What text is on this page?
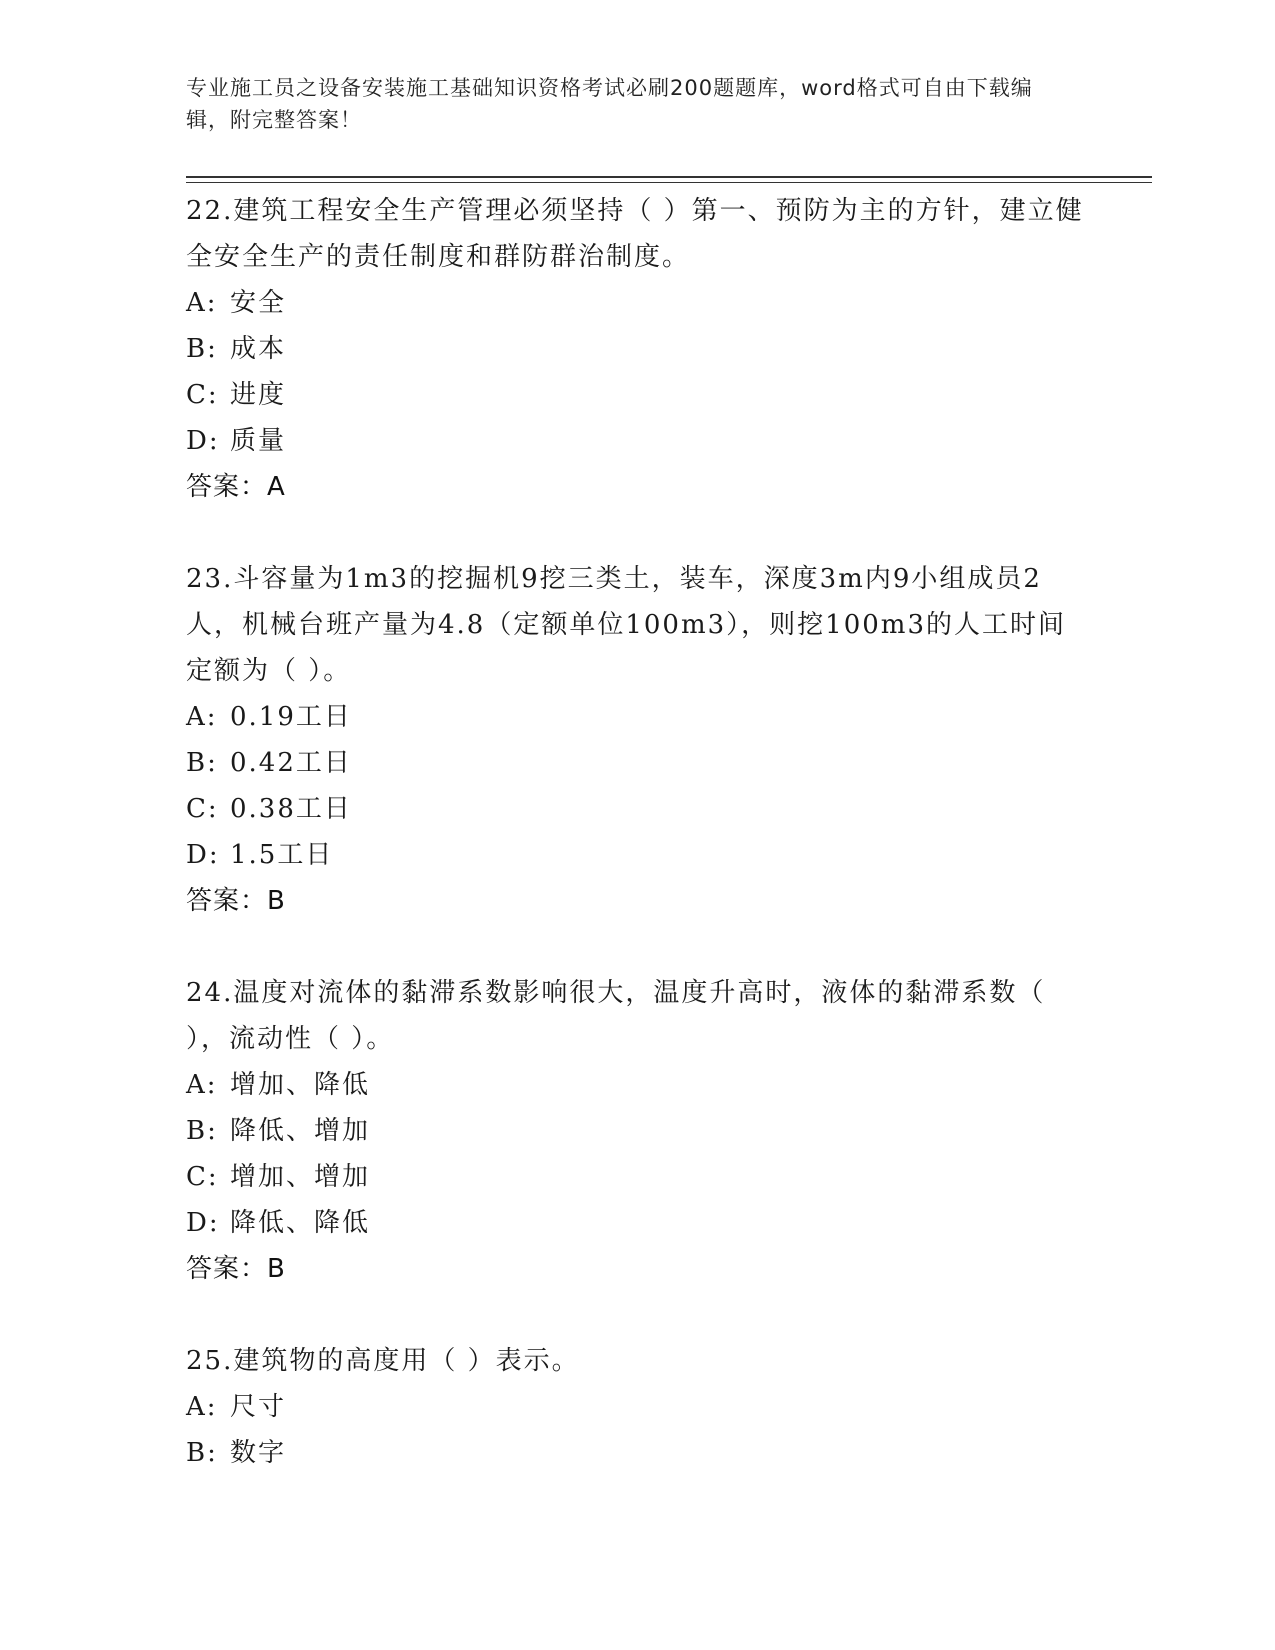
专业施工员之设备安装施工基础知识资格考试必刷200题题库，word格式可自由下载编辑，附完整答案！

22.建筑工程安全生产管理必须坚持（ ）第一、预防为主的方针，建立健全安全生产的责任制度和群防群治制度。

A: 安全

B: 成本

C: 进度

D: 质量

答案：A

23.斗容量为1m3的挖掘机9挖三类土，装车，深度3m内9小组成员2人，机械台班产量为4.8（定额单位100m3），则挖100m3的人工时间定额为（ ）。

A: 0.19工日

B: 0.42工日

C: 0.38工日

D: 1.5工日

答案：B

24.温度对流体的黏滞系数影响很大，温度升高时，液体的黏滞系数（ ），流动性（ ）。

A: 增加、降低

B: 降低、增加

C: 增加、增加

D: 降低、降低

答案：B

25.建筑物的高度用（ ）表示。

A: 尺寸

B: 数字
